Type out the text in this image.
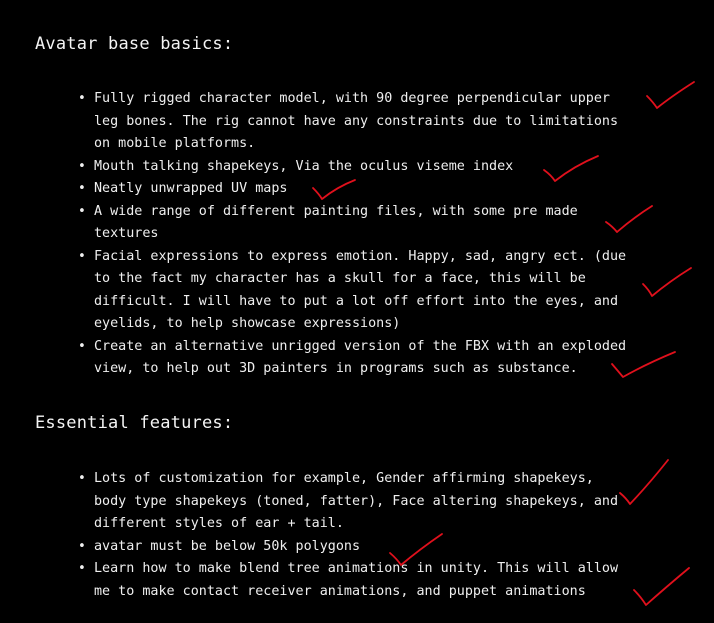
Avatar base basics:
• Fully rigged character model, with 90 degree perpendicular upper
leg bones. The rig cannot have any constraints due to limitations
on mobile platforms.
• Mouth talking shapekeys, Via the oculus viseme index
• Neatly unwrapped UV maps
• A wide range of different painting files, with some pre made
textures
• Facial expressions to express emotion. Happy, sad, angry ect. (due
to the fact my character has a skull for a face, this will be
difficult. I will have to put a lot off effort into the eyes, and
eyelids, to help showcase expressions)
• Create an alternative unrigged version of the FBX with an exploded
view, to help out 3D painters in programs such as substance.
Essential features:
• Lots of customization for example, Gender affirming shapekeys,
body type shapekeys (toned, fatter), Face altering shapekeys, and
different styles of ear + tail.
• avatar must be below 50k polygons
• Learn how to make blend tree animations in unity. This will allow
me to make contact receiver animations, and puppet animations
